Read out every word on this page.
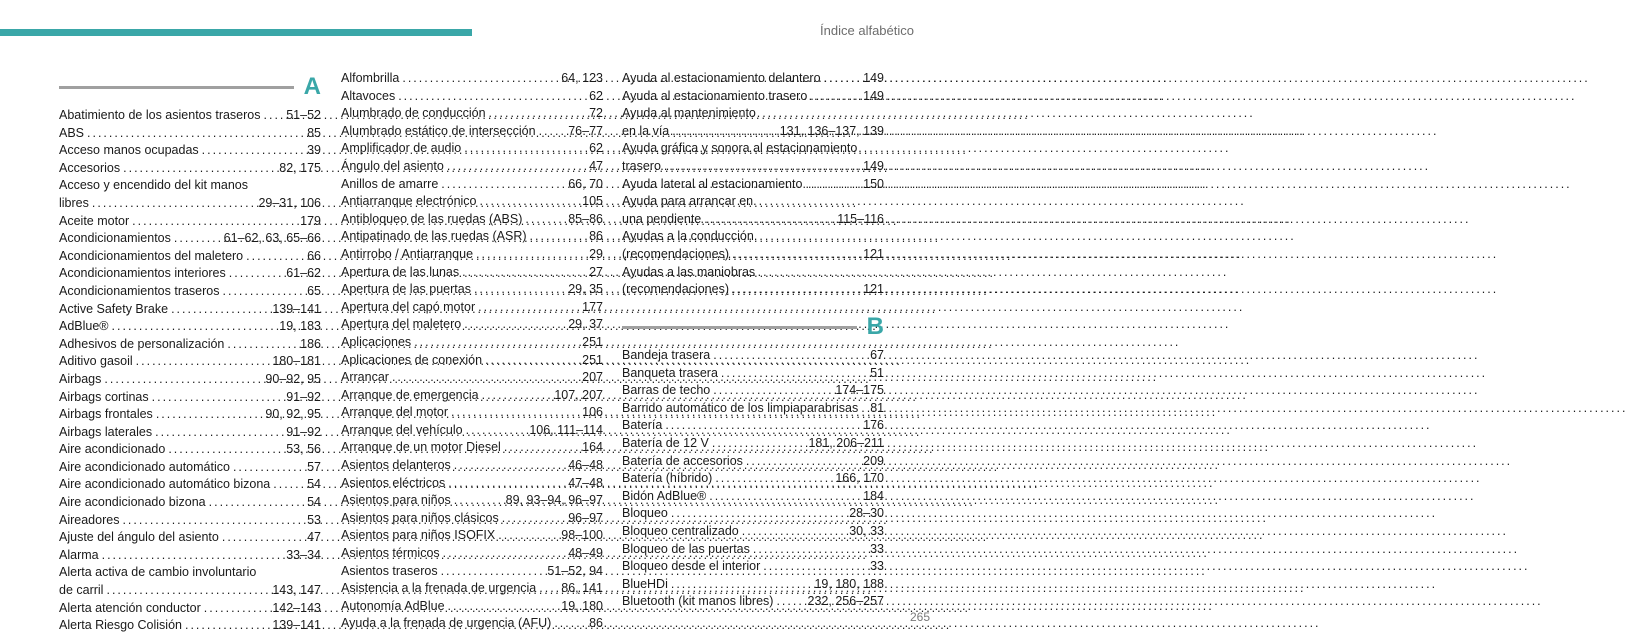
Índice alfabético
A
Abatimiento de los asientos traseros ..... 51–52
ABS .....	85
Acceso manos ocupadas .....	39
Accesorios .....	82, 175
Acceso y encendido del kit manos
libres .....	29–31, 106
Aceite motor .....	179
Acondicionamientos .....	61–62, 63, 65–66
Acondicionamientos del maletero .....	66
Acondicionamientos interiores .....	61–62
Acondicionamientos traseros .....	65
Active Safety Brake .....	139–141
AdBlue® .....	19, 183
Adhesivos de personalización .....	186
Aditivo gasoil .....	180–181
Airbags .....	90–92, 95
Airbags cortinas .....	91–92
Airbags frontales .....	90, 92, 95
Airbags laterales .....	91–92
Aire acondicionado .....	53, 56
Aire acondicionado automático .....	57
Aire acondicionado automático bizona .....	54
Aire acondicionado bizona .....	54
Aireadores .....	53
Ajuste del ángulo del asiento .....	47
Alarma .....	33–34
Alerta activa de cambio involuntario
de carril .....	143, 147
Alerta atención conductor .....	142–143
Alerta Riesgo Colisión .....	139–141
Alfombrilla .....	64, 123
Altavoces .....	62
Alumbrado de conducción .....	72
Alumbrado estático de intersección .....	76–77
Amplificador de audio .....	62
Ángulo del asiento .....	47
Anillos de amarre .....	66, 70
Antiarranque electrónico .....	105
Antibloqueo de las ruedas (ABS) .....	85–86
Antipatinado de las ruedas (ASR) .....	86
Antirrobo / Antiarranque .....	29
Apertura de las lunas .....	27
Apertura de las puertas .....	29, 35
Apertura del capó motor .....	177
Apertura del maletero .....	29, 37
Aplicaciones .....	251
Aplicaciones de conexión .....	251
Arrancar .....	207
Arranque de emergencia .....	107, 207
Arranque del motor .....	106
Arranque del vehículo .....	106, 111–114
Arranque de un motor Diesel .....	164
Asientos delanteros .....	46–48
Asientos eléctricos .....	47–48
Asientos para niños .....	89, 93–94, 96–97
Asientos para niños clásicos .....	96–97
Asientos para niños ISOFIX .....	98–100
Asientos térmicos .....	48–49
Asientos traseros .....	51–52, 94
Asistencia a la frenada de urgencia ..... 86, 141
Autonomía AdBlue .....	19, 180
Ayuda a la frenada de urgencia (AFU) .....	86
Ayuda al estacionamiento delantero .....	149
Ayuda al estacionamiento trasero .....	149
Ayuda al mantenimiento
en la vía .....	131, 136–137, 139
Ayuda gráfica y sonora al estacionamiento
trasero .....	149
Ayuda lateral al estacionamiento .....	150
Ayuda para arrancar en
una pendiente .....	115–116
Ayudas a la conducción
(recomendaciones) .....	121
Ayudas a las maniobras
(recomendaciones) .....	121
B
Bandeja trasera .....	67
Banqueta trasera .....	51
Barras de techo .....	174–175
Barrido automático de los limpiaparabrisas ..... 81
Batería .....	176
Batería de 12 V .....	181, 206–211
Batería de accesorios .....	209
Batería (híbrido) .....	166, 170
Bidón AdBlue® .....	184
Bloqueo .....	28–30
Bloqueo centralizado .....	30, 33
Bloqueo de las puertas .....	33
Bloqueo desde el interior .....	33
BlueHDi .....	19, 180, 188
Bluetooth (kit manos libres) .....	232, 256–257
265
